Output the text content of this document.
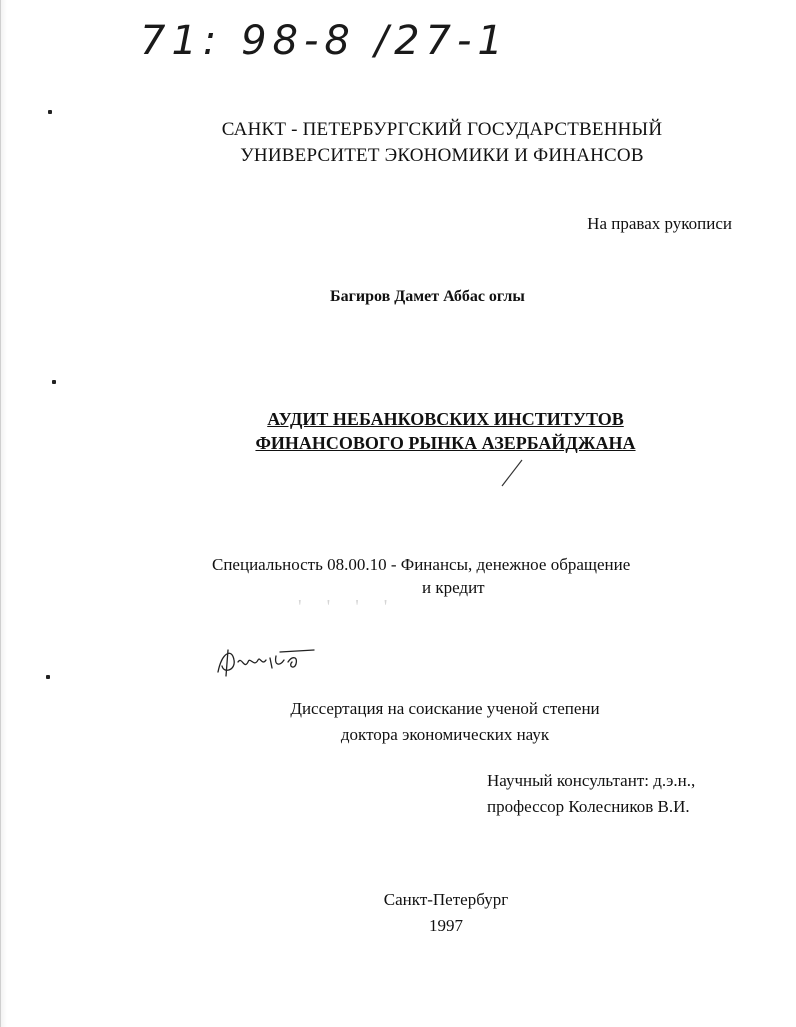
71: 98-8 /27-1
САНКТ - ПЕТЕРБУРГСКИЙ ГОСУДАРСТВЕННЫЙ
УНИВЕРСИТЕТ ЭКОНОМИКИ И ФИНАНСОВ
На правах рукописи
Багиров Дамет Аббас оглы
АУДИТ НЕБАНКОВСКИХ ИНСТИТУТОВ
ФИНАНСОВОГО РЫНКА АЗЕРБАЙДЖАНА
Специальность 08.00.10 - Финансы, денежное обращение
и кредит
' ' ' '
Диссертация на соискание ученой степени
доктора экономических наук
Научный консультант: д.э.н.,
профессор Колесников В.И.
Санкт-Петербург
1997
